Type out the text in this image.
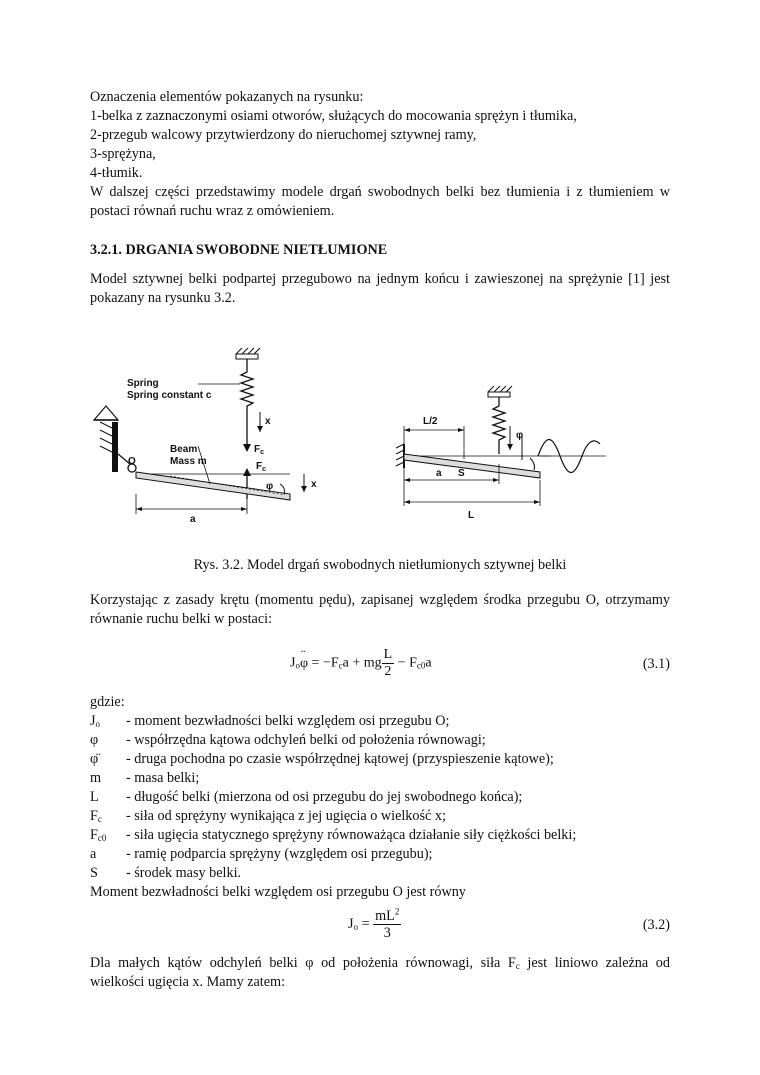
Oznaczenia elementów pokazanych na rysunku:

1-belka z zaznaczonymi osiami otworów, służących do mocowania sprężyn i tłumika,

2-przegub walcowy przytwierdzony do nieruchomej sztywnej ramy,

3-sprężyna,

4-tłumik.

W dalszej części przedstawimy modele drgań swobodnych belki bez tłumienia i z tłumieniem w postaci równań ruchu wraz z omówieniem.

3.2.1. DRGANIA SWOBODNE NIETŁUMIONE

Model sztywnej belki podpartej przegubowo na jednym końcu i zawieszonej na sprężynie [1] jest pokazany na rysunku 3.2.

Spring
Spring constant c
x
$F_c$
Beam
Mass m	$F_c$
O
φ	x
a
L/2
φ
a S
L

Rys. 3.2. Model drgań swobodnych nietłumionych sztywnej belki

Korzystając z zasady krętu (momentu pędu), zapisanej względem środka przegubu O, otrzymamy równanie ruchu belki w postaci:

$J_o¨$ $\varphi = -F_ca$ + mg $\frac{L}{2} - F_{c0}a$	(3.1)

gdzie:

$J_o$	- moment bezwładności belki względem osi przegubu O;
φ	- współrzędna kątowa odchyleń belki od położenia równowagi;
φ̈	- druga pochodna po czasie współrzędnej kątowej (przyspieszenie kątowe);
m	- masa belki;
L	- długość belki (mierzona od osi przegubu do jej swobodnego końca);
$F_c$	- siła od sprężyny wynikająca z jej ugięcia o wielkość x;
$F_{c0}$	- siła ugięcia statycznego sprężyny równoważąca działanie siły ciężkości belki;
a	- ramię podparcia sprężyny (względem osi przegubu);
S	- środek masy belki.

Moment bezwładności belki względem osi przegubu O jest równy

$J_o = \frac{mL^2}{3}$	(3.2)

Dla małych kątów odchyleń belki φ od położenia równowagi, siła $F_c$ jest liniowo zależna od wielkości ugięcia x. Mamy zatem:
